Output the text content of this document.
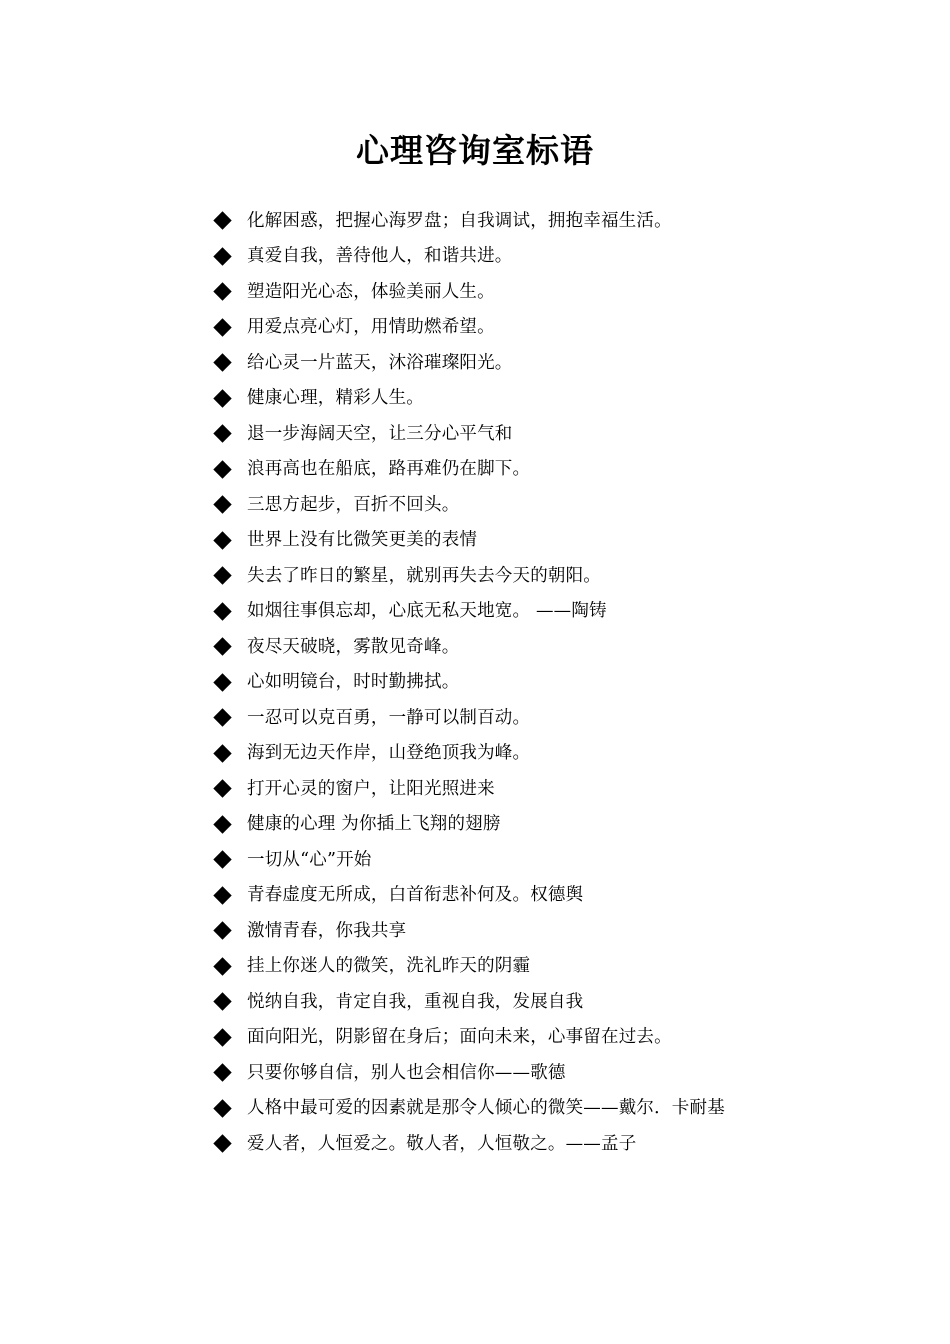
心理咨询室标语
化解困惑，把握心海罗盘；自我调试，拥抱幸福生活。
真爱自我，善待他人，和谐共进。
塑造阳光心态，体验美丽人生。
用爱点亮心灯，用情助燃希望。
给心灵一片蓝天，沐浴璀璨阳光。
健康心理，精彩人生。
退一步海阔天空，让三分心平气和
浪再高也在船底，路再难仍在脚下。
三思方起步，百折不回头。
世界上没有比微笑更美的表情
失去了昨日的繁星，就别再失去今天的朝阳。
如烟往事俱忘却，心底无私天地宽。 ——陶铸
夜尽天破晓，雾散见奇峰。
心如明镜台，时时勤拂拭。
一忍可以克百勇，一静可以制百动。
海到无边天作岸，山登绝顶我为峰。
打开心灵的窗户，让阳光照进来
健康的心理 为你插上飞翔的翅膀
一切从“心”开始
青春虚度无所成，白首衔悲补何及。权德舆
激情青春，你我共享
挂上你迷人的微笑，洗礼昨天的阴霾
悦纳自我，肯定自我，重视自我，发展自我
面向阳光，阴影留在身后；面向未来，心事留在过去。
只要你够自信，别人也会相信你——歌德
人格中最可爱的因素就是那令人倾心的微笑——戴尔．卡耐基
爱人者，人恒爱之。敬人者，人恒敬之。——孟子
